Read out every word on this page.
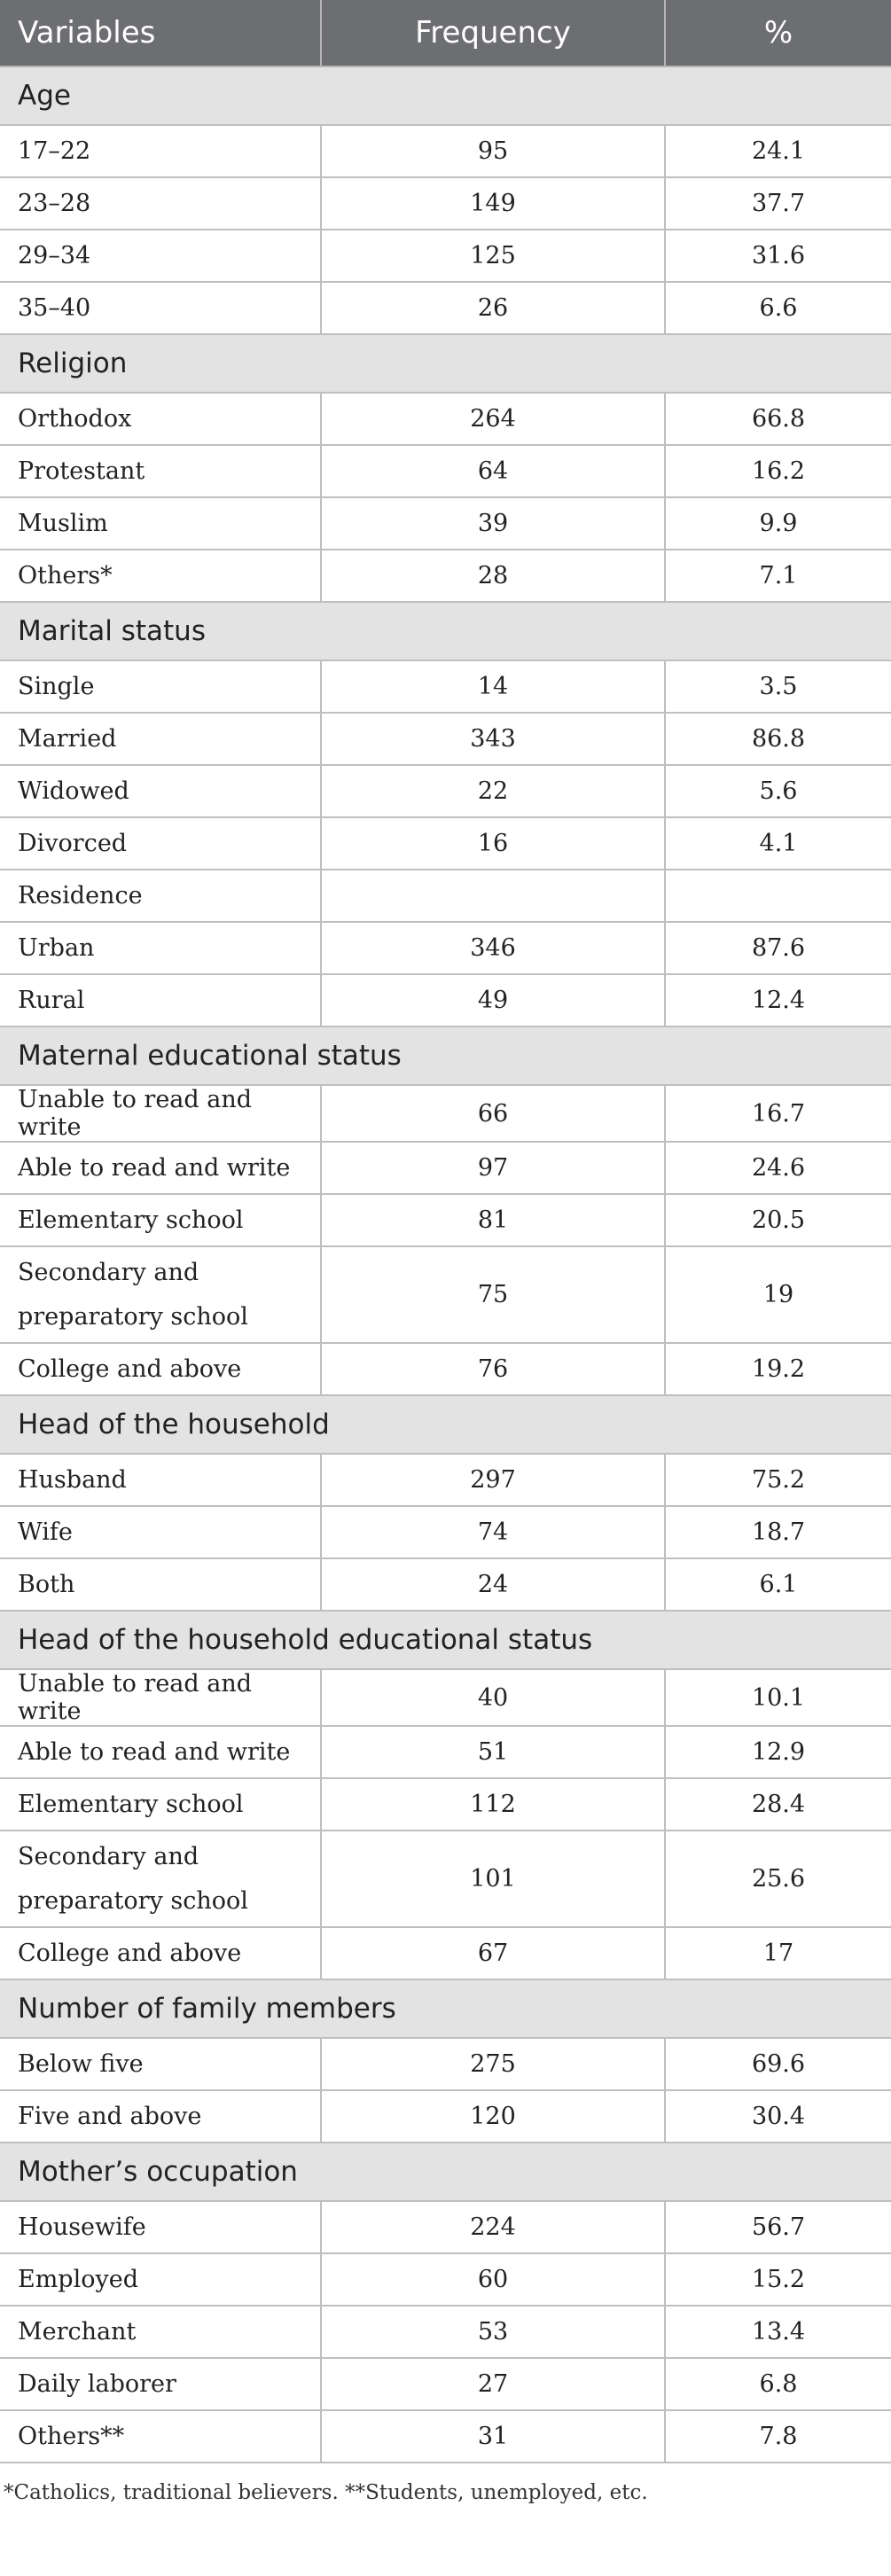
Variables	Frequency	%
Age		
17–22	95	24.1
23–28	149	37.7
29–34	125	31.6
35–40	26	6.6
Religion		
Orthodox	264	66.8
Protestant	64	16.2
Muslim	39	9.9
Others*	28	7.1
Marital status		
Single	14	3.5
Married	343	86.8
Widowed	22	5.6
Divorced	16	4.1
Residence		
Urban	346	87.6
Rural	49	12.4
Maternal educational status		
Unable to read and write	66	16.7
Able to read and write	97	24.6
Elementary school	81	20.5
Secondary and preparatory school	75	19
College and above	76	19.2
Head of the household		
Husband	297	75.2
Wife	74	18.7
Both	24	6.1
Head of the household educational status		
Unable to read and write	40	10.1
Able to read and write	51	12.9
Elementary school	112	28.4
Secondary and preparatory school	101	25.6
College and above	67	17
Number of family members		
Below five	275	69.6
Five and above	120	30.4
Mother’s occupation		
Housewife	224	56.7
Employed	60	15.2
Merchant	53	13.4
Daily laborer	27	6.8
Others**	31	7.8
*Catholics, traditional believers. **Students, unemployed, etc.
